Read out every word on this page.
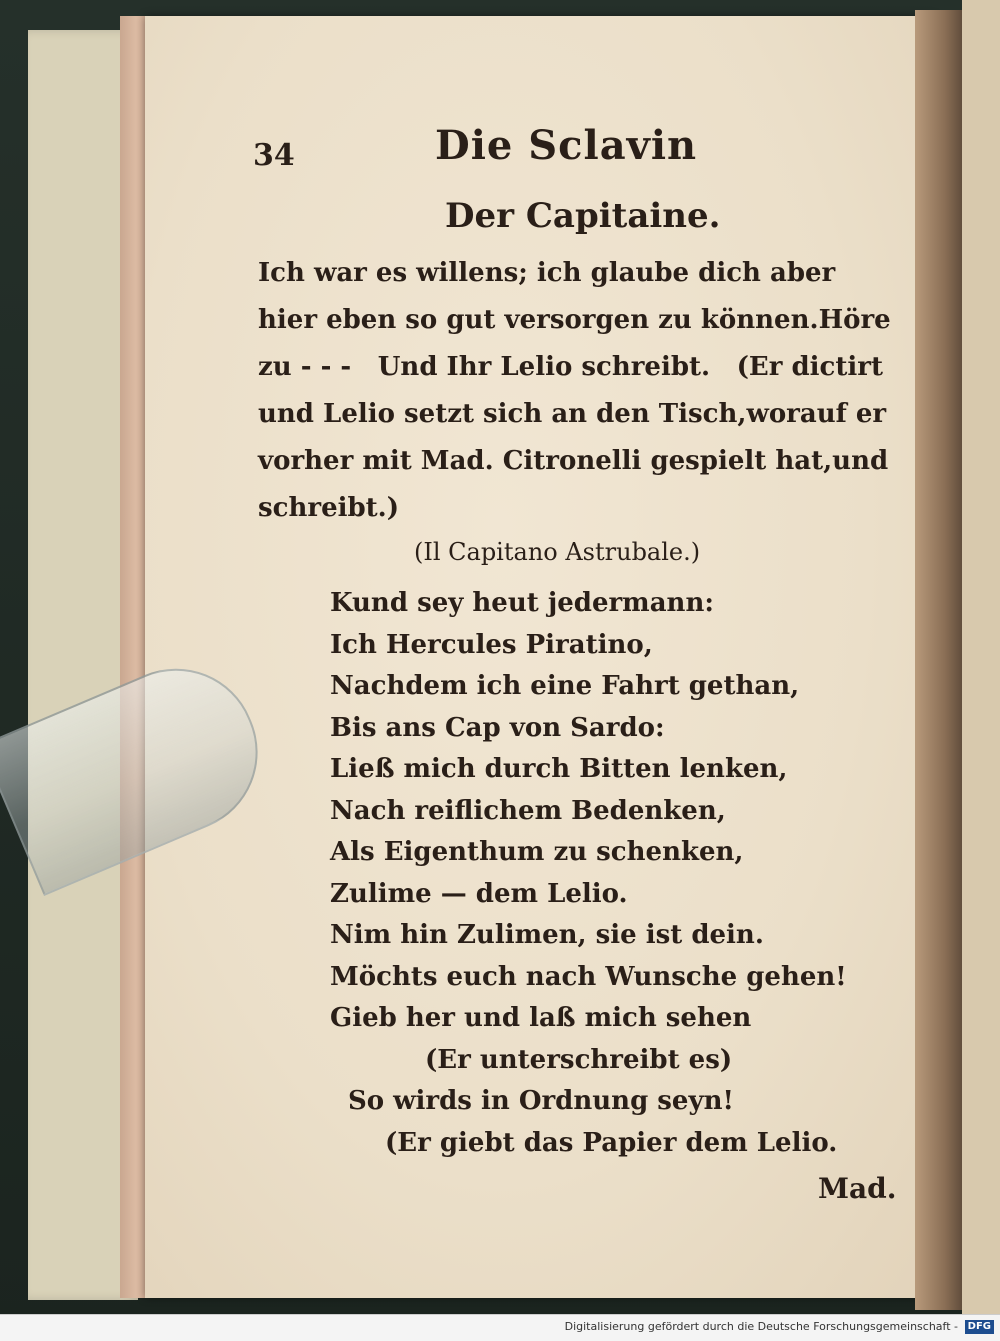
34	Die Sclavin
Der Capitaine.
Ich war es willens; ich glaube dich aber
hier eben so gut versorgen zu können. Höre
zu - - - Und Ihr Lelio schreibt. (Er dictirt
und Lelio setzt sich an den Tisch, worauf er
vorher mit Mad. Citronelli gespielt hat, und
schreibt.)
(Il Capitano Astrubale.)
Kund sey heut jedermann:
Ich Hercules Piratino,
Nachdem ich eine Fahrt gethan,
Bis ans Cap von Sardo:
Ließ mich durch Bitten lenken,
Nach reiflichem Bedenken,
Als Eigenthum zu schenken,
Zulime — dem Lelio.
Nim hin Zulimen, sie ist dein.
Möchts euch nach Wunsche gehen!
Gieb her und laß mich sehen
(Er unterschreibt es)
So wirds in Ordnung seyn!
(Er giebt das Papier dem Lelio.
Mad.
Digitalisierung gefördert durch die Deutsche Forschungsgemeinschaft - DFG
